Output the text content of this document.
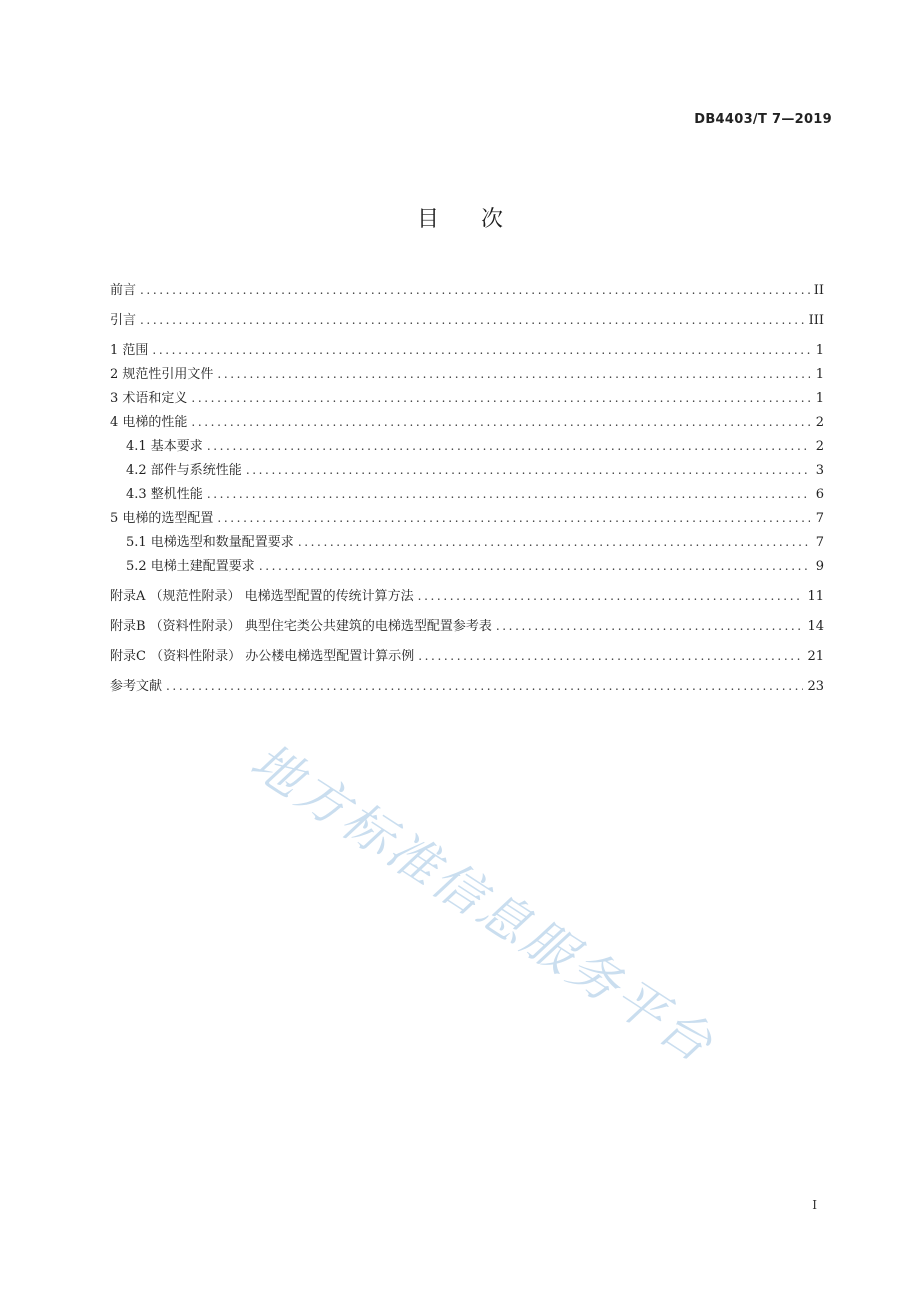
DB4403/T 7—2019
目 次
前言 .....	II
引言 .....	III
1 范围 .....	1
2 规范性引用文件 .....	1
3 术语和定义 .....	1
4 电梯的性能 .....	2
4.1 基本要求 .....	2
4.2 部件与系统性能 .....	3
4.3 整机性能 .....	6
5 电梯的选型配置 .....	7
5.1 电梯选型和数量配置要求 .....	7
5.2 电梯土建配置要求 .....	9
附录A （规范性附录） 电梯选型配置的传统计算方法 .....	11
附录B （资料性附录） 典型住宅类公共建筑的电梯选型配置参考表 .....	14
附录C （资料性附录） 办公楼电梯选型配置计算示例 .....	21
参考文献 .....	23
地方标准信息服务平台
I
